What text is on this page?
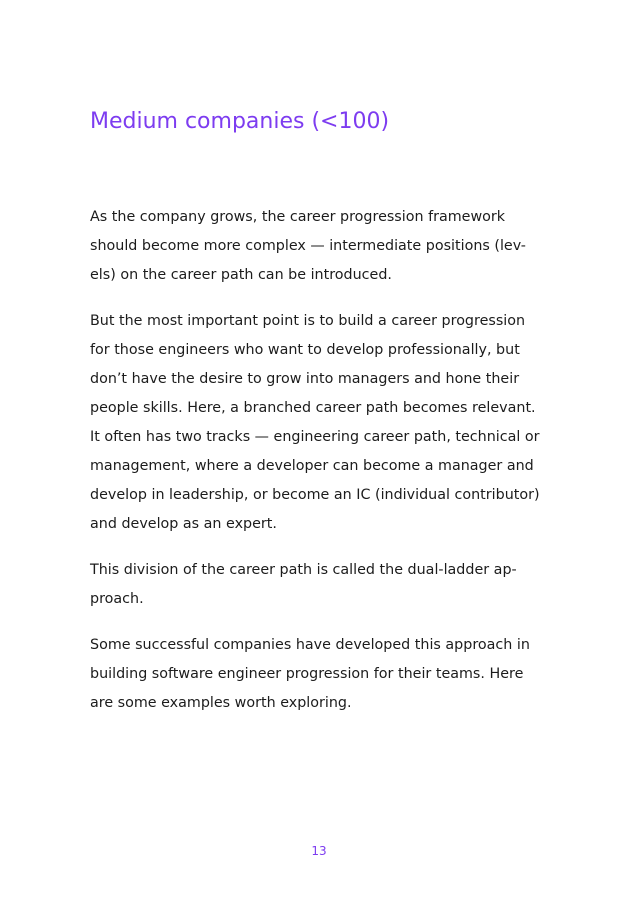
Medium companies (<100)

As the company grows, the career progression framework
should become more complex — intermediate positions (lev-
els) on the career path can be introduced.

But the most important point is to build a career progression
for those engineers who want to develop professionally, but
don’t have the desire to grow into managers and hone their
people skills. Here, a branched career path becomes relevant.
It often has two tracks — engineering career path, technical or
management, where a developer can become a manager and
develop in leadership, or become an IC (individual contributor)
and develop as an expert.

This division of the career path is called the dual-ladder ap-
proach.

Some successful companies have developed this approach in
building software engineer progression for their teams. Here
are some examples worth exploring.

13
